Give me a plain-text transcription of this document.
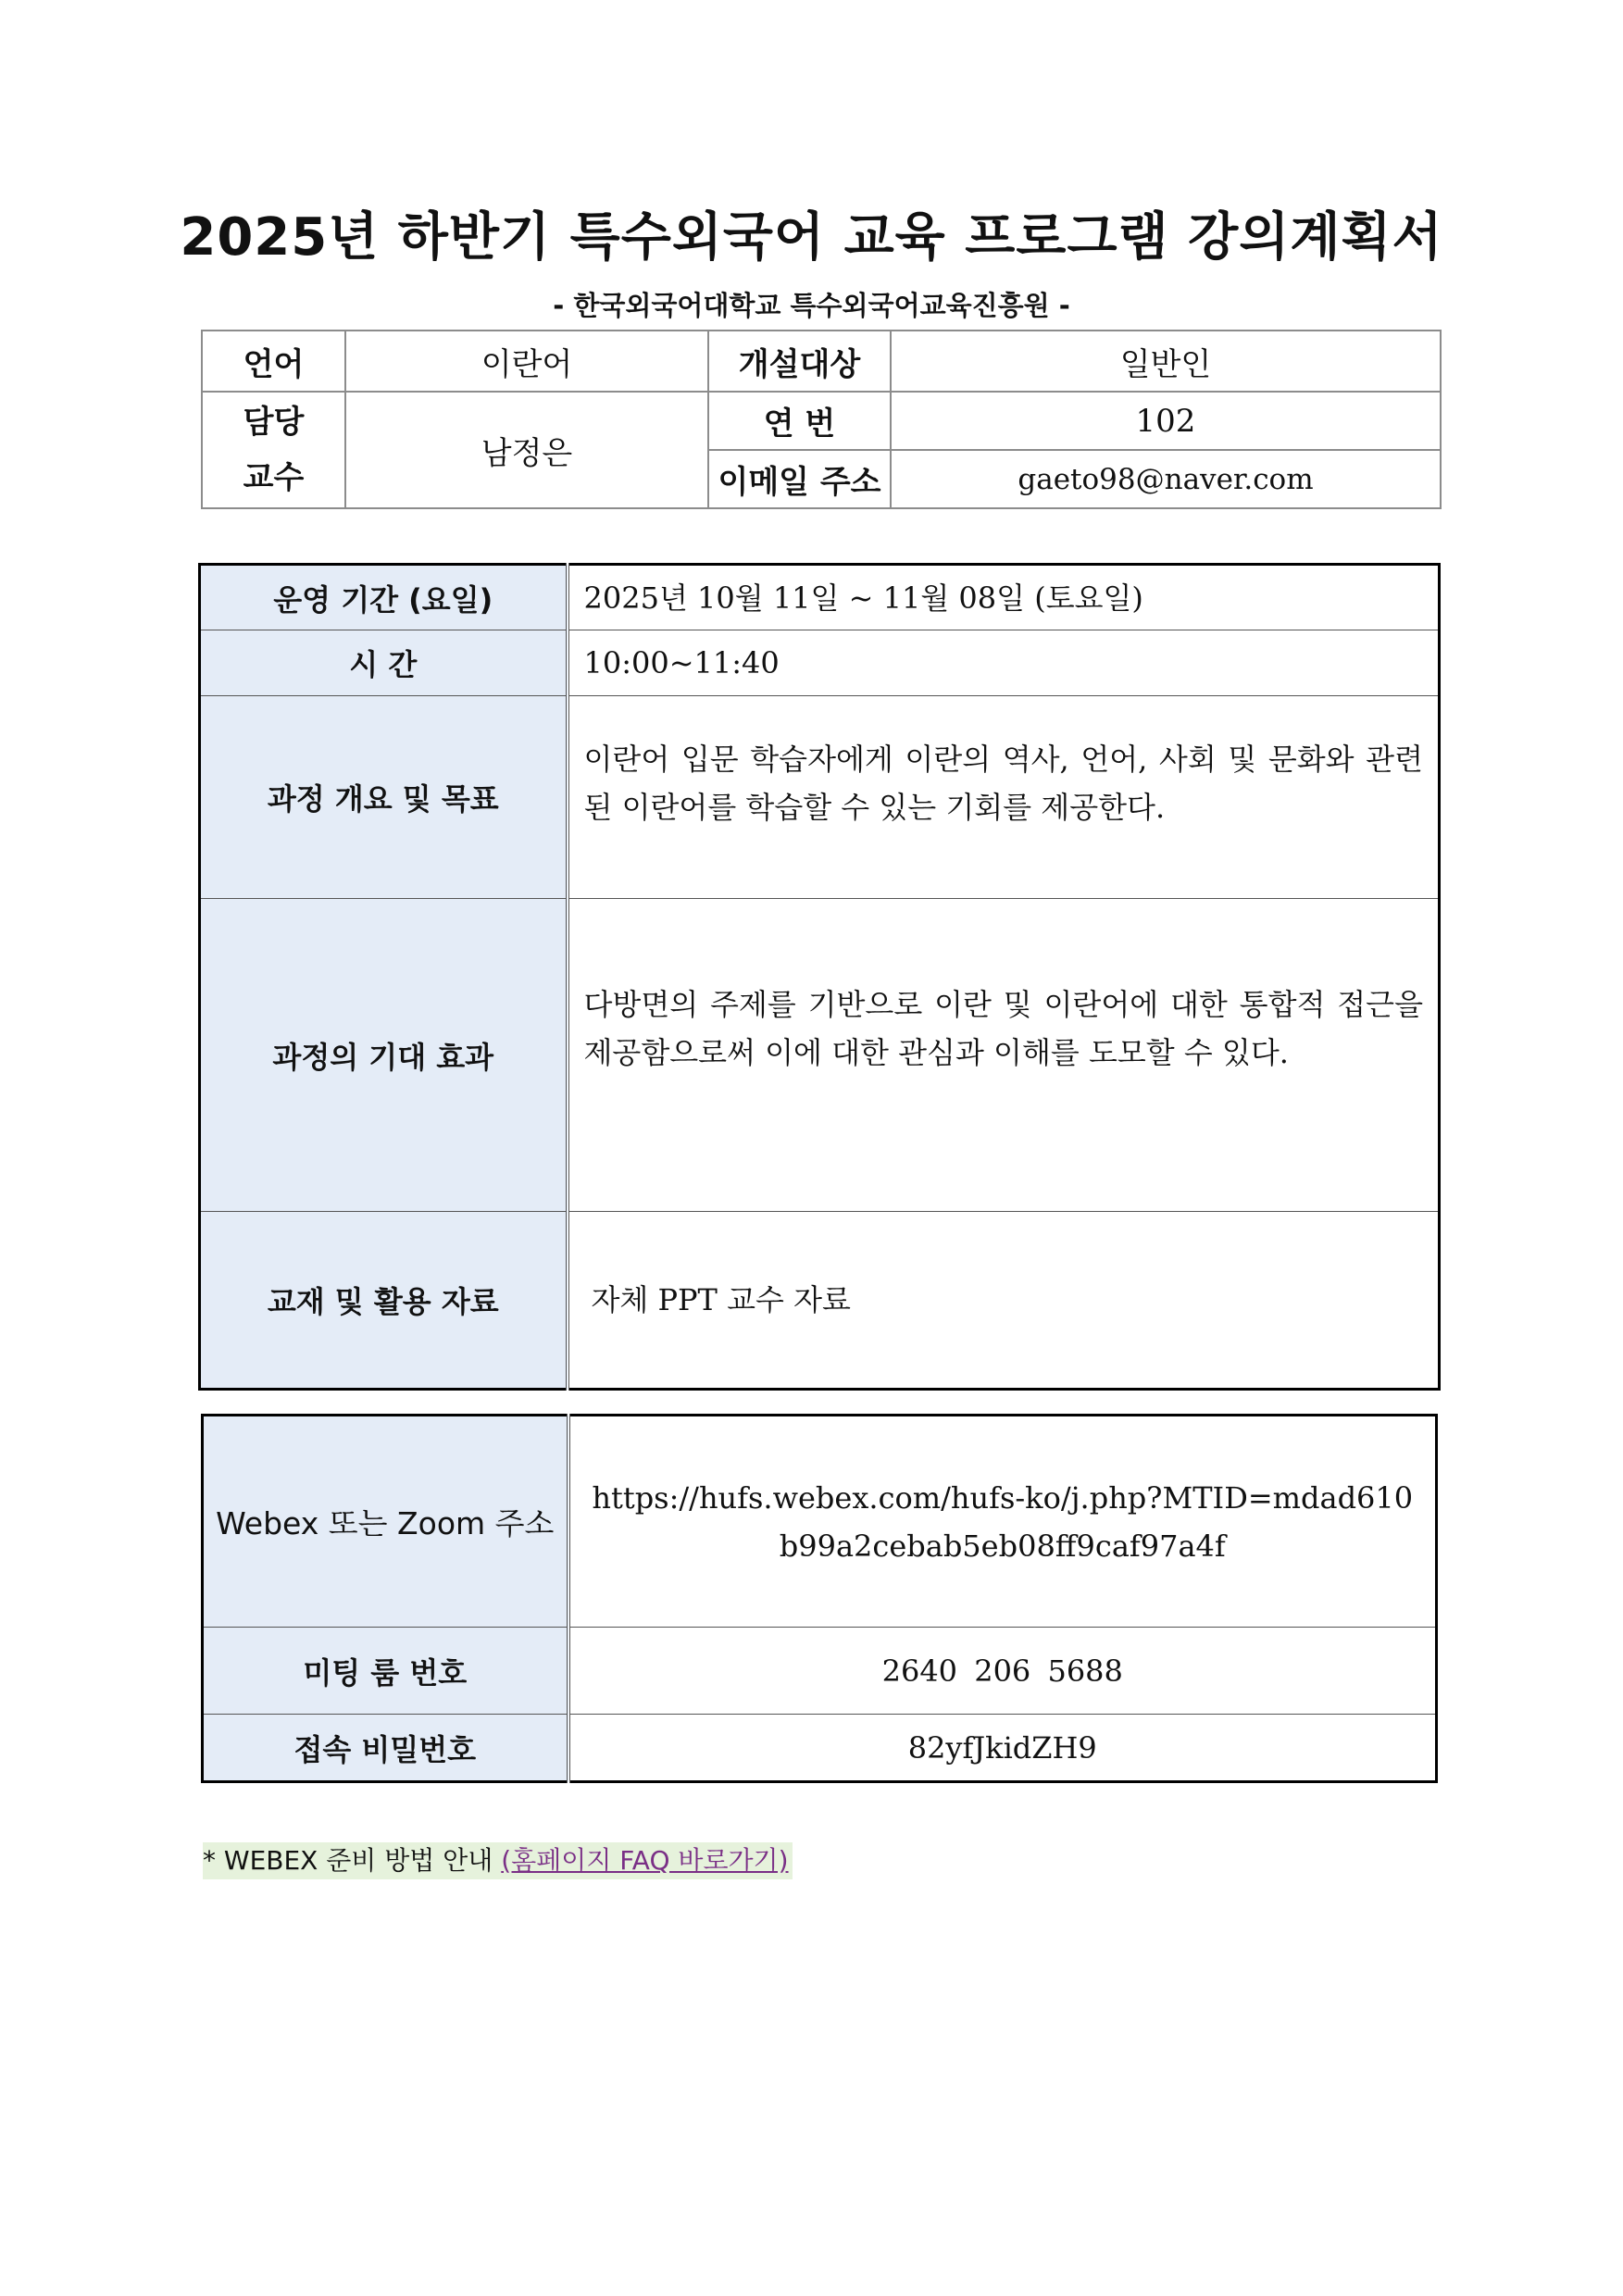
2025년 하반기 특수외국어 교육 프로그램 강의계획서
- 한국외국어대학교 특수외국어교육진흥원 -
언어	이란어	개설대상	일반인

담당
교수	남정은	연 번	102
		이메일 주소	gaeto98@naver.com
운영 기간 (요일)	2025년 10월 11일 ~ 11월 08일 (토요일)
시 간	10:00~11:40
과정 개요 및 목표	이란어 입문 학습자에게 이란의 역사, 언어, 사회 및 문화와 관련된 이란어를 학습할 수 있는 기회를 제공한다.
과정의 기대 효과	다방면의 주제를 기반으로 이란 및 이란어에 대한 통합적 접근을 제공함으로써 이에 대한 관심과 이해를 도모할 수 있다.
교재 및 활용 자료	자체 PPT 교수 자료
Webex 또는 Zoom 주소	https://hufs.webex.com/hufs-ko/j.php?MTID=mdad610b99a2cebab5eb08ff9caf97a4f
미팅 룸 번호	2640 206 5688
접속 비밀번호	82yfJkidZH9
* WEBEX 준비 방법 안내 (홈페이지 FAQ 바로가기)
